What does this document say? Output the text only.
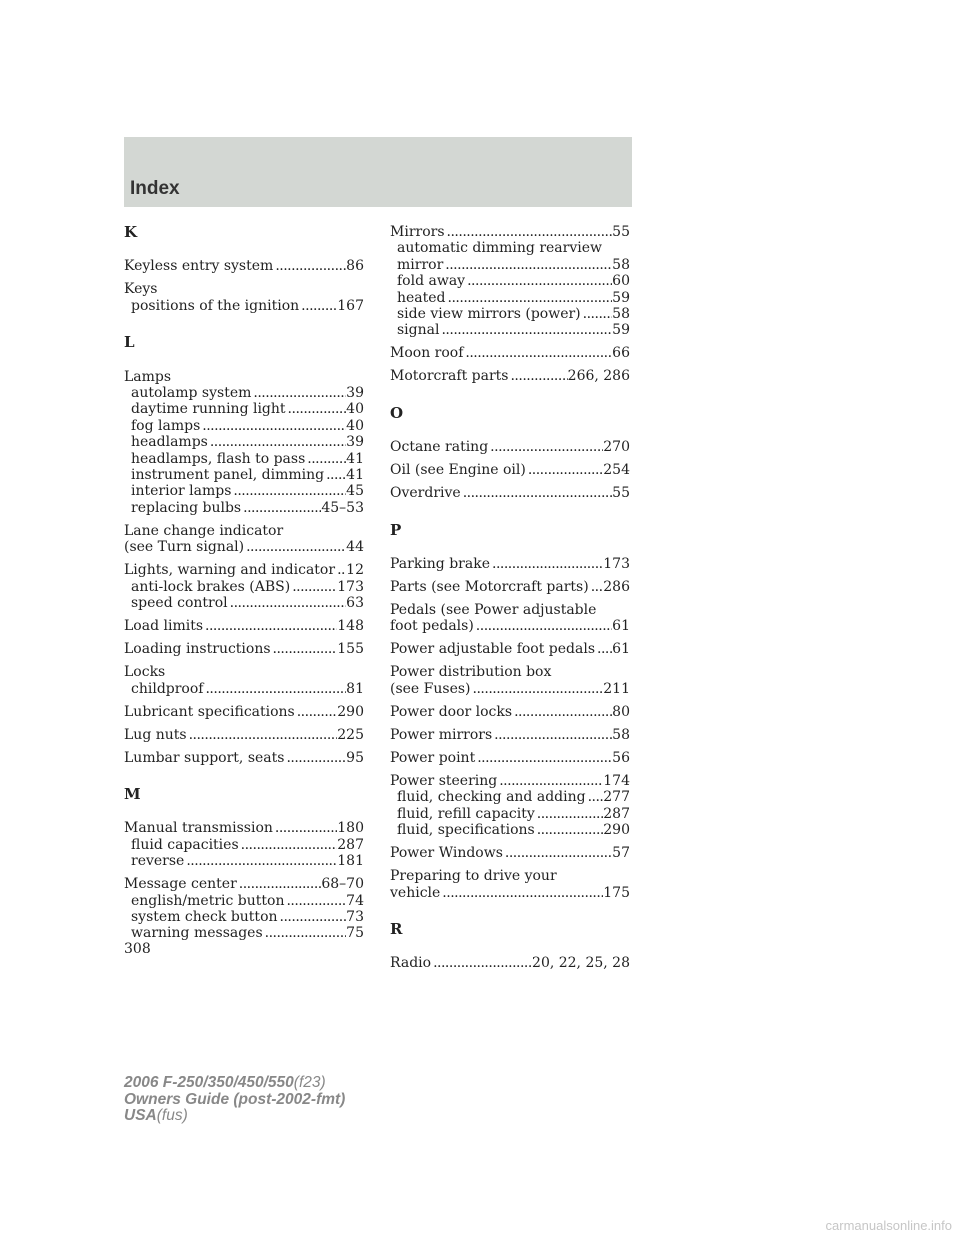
Index
K
Keyless entry system .....	86
Keys
positions of the ignition .....	167
L
Lamps
autolamp system .....	39
daytime running light .....	40
fog lamps .....	40
headlamps .....	39
headlamps, flash to pass .....	41
instrument panel, dimming ..... 41
interior lamps .....	45
replacing bulbs .....	45–53
Lane change indicator
(see Turn signal) .....	44
Lights, warning and indicator ..... 12
anti-lock brakes (ABS) .....	173
speed control .....	63
Load limits .....	148
Loading instructions .....	155
Locks
childproof .....	81
Lubricant specifications .....	290
Lug nuts .....	225
Lumbar support, seats .....	95
M
Manual transmission .....	180
fluid capacities .....	287
reverse .....	181
Message center .....	68–70
english/metric button .....	74
system check button .....	73
warning messages .....	75
Mirrors .....	55
automatic dimming rearview
mirror .....	58
fold away .....	60
heated .....	59
side view mirrors (power) ..... 58
signal .....	59
Moon roof .....	66
Motorcraft parts .....	266, 286
O
Octane rating .....	270
Oil (see Engine oil) .....	254
Overdrive .....	55
P
Parking brake .....	173
Parts (see Motorcraft parts) ..... 286
Pedals (see Power adjustable
foot pedals) .....	61
Power adjustable foot pedals ..... 61
Power distribution box
(see Fuses) .....	211
Power door locks .....	80
Power mirrors .....	58
Power point .....	56
Power steering .....	174
fluid, checking and adding ..... 277
fluid, refill capacity .....	287
fluid, specifications .....	290
Power Windows .....	57
Preparing to drive your
vehicle .....	175
R
Radio .....	20, 22, 25, 28
308
2006 F-250/350/450/550(f23)
Owners Guide (post-2002-fmt)
USA(fus)
carmanualsonline.info
